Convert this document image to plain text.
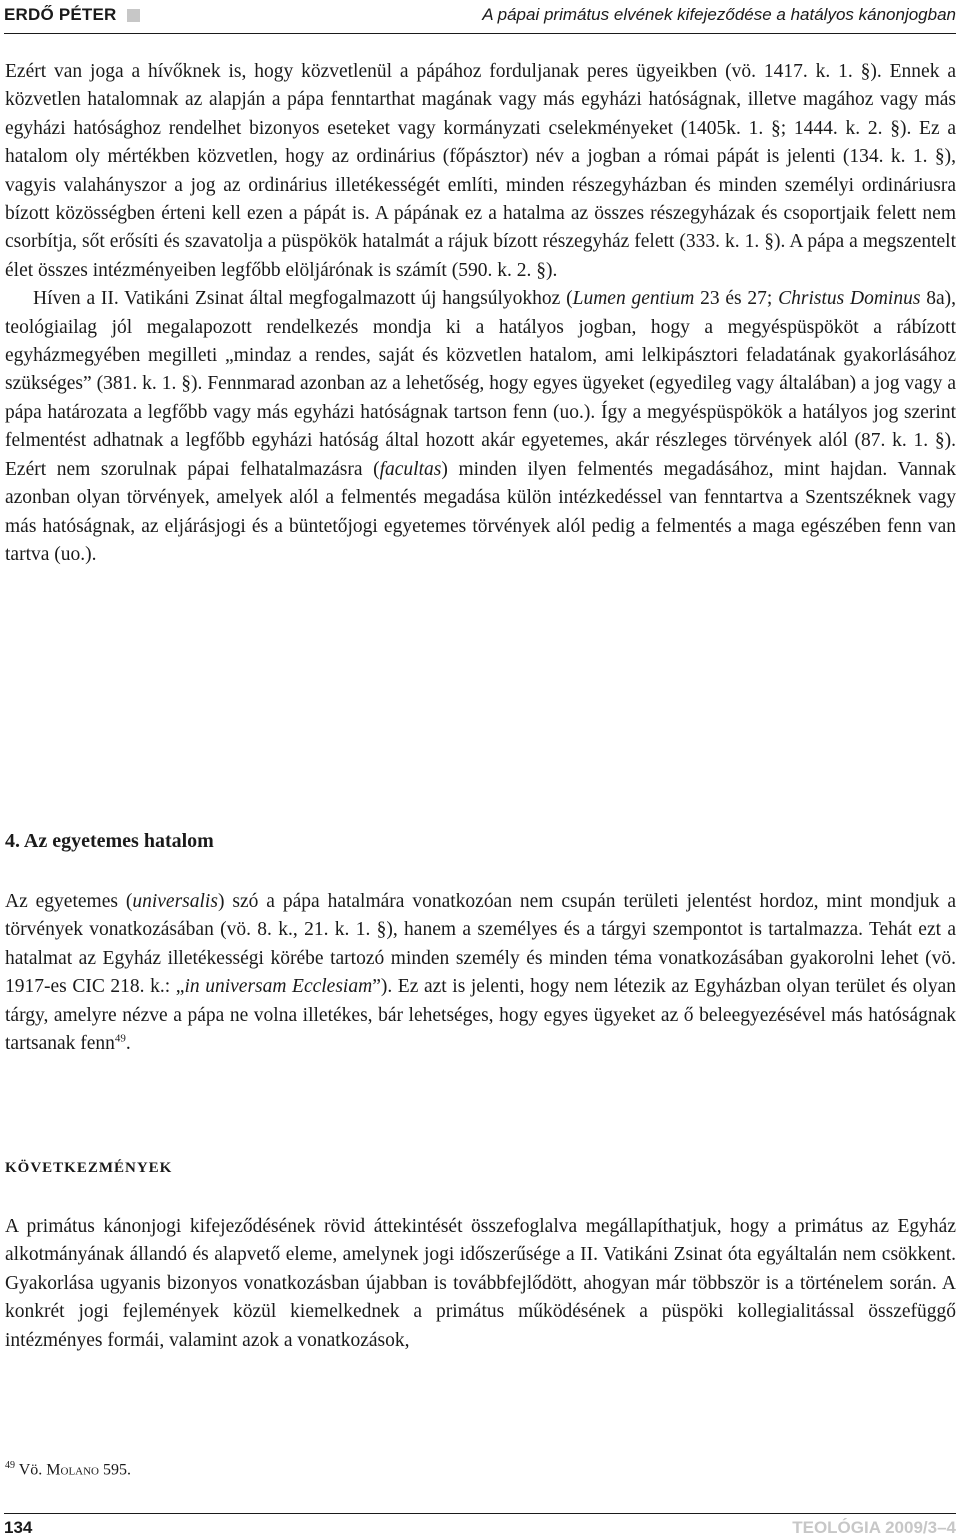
ERDŐ PÉTER	A pápai primátus elvének kifejeződése a hatályos kánonjogban

Ezért van joga a hívőknek is, hogy közvetlenül a pápához forduljanak peres ügyeikben (vö. 1417. k. 1. §). Ennek a közvetlen hatalomnak az alapján a pápa fenntarthat magának vagy más egyházi hatóságnak, illetve magához vagy más egyházi hatósághoz rendelhet bizonyos eseteket vagy kormányzati cselekményeket (1405k. 1. §; 1444. k. 2. §). Ez a hatalom oly mértékben közvetlen, hogy az ordinárius (főpásztor) név a jogban a római pápát is jelenti (134. k. 1. §), vagyis valahányszor a jog az ordinárius illetékességét említi, minden részegyházban és minden személyi ordináriusra bízott közösségben érteni kell ezen a pápát is. A pápának ez a hatalma az összes részegyházak és csoportjaik felett nem csorbítja, sőt erősíti és szavatolja a püspökök hatalmát a rájuk bízott részegyház felett (333. k. 1. §). A pápa a megszentelt élet összes intézményeiben legfőbb elöljárónak is számít (590. k. 2. §).

Híven a II. Vatikáni Zsinat által megfogalmazott új hangsúlyokhoz (Lumen gentium 23 és 27; Christus Dominus 8a), teológiailag jól megalapozott rendelkezés mondja ki a hatályos jogban, hogy a megyéspüspököt a rábízott egyházmegyében megilleti „mindaz a rendes, saját és közvetlen hatalom, ami lelkipásztori feladatának gyakorlásához szükséges” (381. k. 1. §). Fennmarad azonban az a lehetőség, hogy egyes ügyeket (egyedileg vagy általában) a jog vagy a pápa határozata a legfőbb vagy más egyházi hatóságnak tartson fenn (uo.). Így a megyéspüspökök a hatályos jog szerint felmentést adhatnak a legfőbb egyházi hatóság által hozott akár egyetemes, akár részleges törvények alól (87. k. 1. §). Ezért nem szorulnak pápai felhatalmazásra (facultas) minden ilyen felmentés megadásához, mint hajdan. Vannak azonban olyan törvények, amelyek alól a felmentés megadása külön intézkedéssel van fenntartva a Szentszéknek vagy más hatóságnak, az eljárásjogi és a büntetőjogi egyetemes törvények alól pedig a felmentés a maga egészében fenn van tartva (uo.).

4. Az egyetemes hatalom

Az egyetemes (universalis) szó a pápa hatalmára vonatkozóan nem csupán területi jelentést hordoz, mint mondjuk a törvények vonatkozásában (vö. 8. k., 21. k. 1. §), hanem a személyes és a tárgyi szempontot is tartalmazza. Tehát ezt a hatalmat az Egyház illetékességi körébe tartozó minden személy és minden téma vonatkozásában gyakorolni lehet (vö. 1917-es CIC 218. k.: „in universam Ecclesiam”). Ez azt is jelenti, hogy nem létezik az Egyházban olyan terület és olyan tárgy, amelyre nézve a pápa ne volna illetékes, bár lehetséges, hogy egyes ügyeket az ő beleegyezésével más hatóságnak tartsanak fenn$^{49}$.

KÖVETKEZMÉNYEK

A primátus kánonjogi kifejeződésének rövid áttekintését összefoglalva megállapíthatjuk, hogy a primátus az Egyház alkotmányának állandó és alapvető eleme, amelynek jogi időszerűsége a II. Vatikáni Zsinat óta egyáltalán nem csökkent. Gyakorlása ugyanis bizonyos vonatkozásban újabban is továbbfejlődött, ahogyan már többször is a történelem során. A konkrét jogi fejlemények közül kiemelkednek a primátus működésének a püspöki kollegialitással összefüggő intézményes formái, valamint azok a vonatkozások,

$^{49}$ Vö. Molano 595.
134	TEOLÓGIA 2009/3–4
